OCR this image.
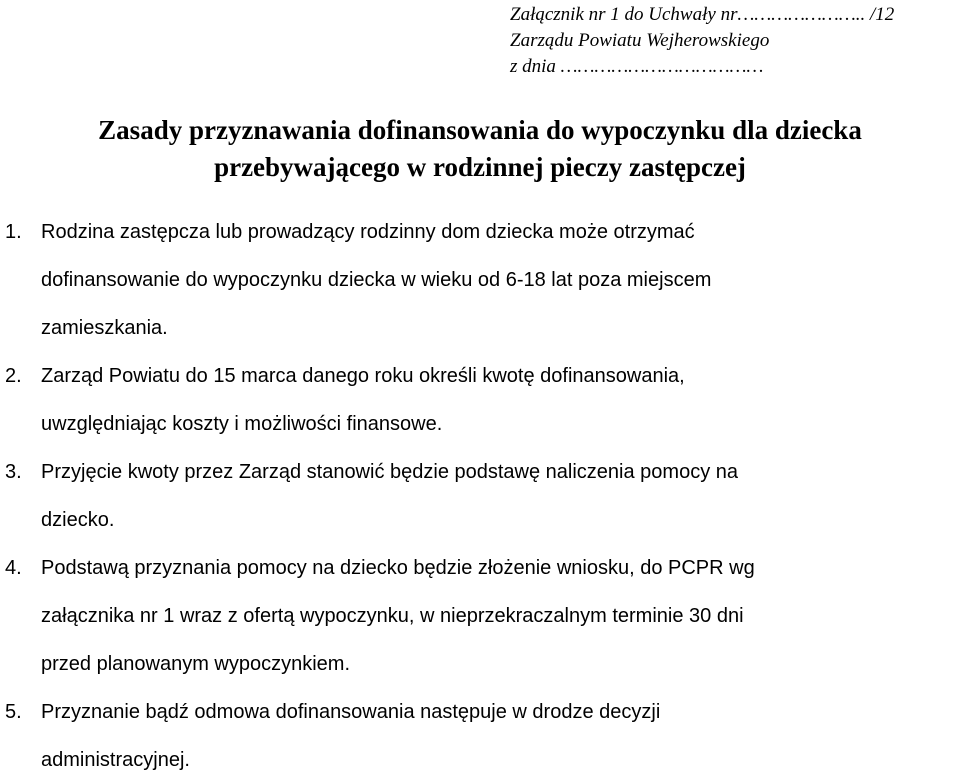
Załącznik nr 1 do Uchwały nr………………….. /12
Zarządu Powiatu Wejherowskiego
z dnia ………………………………
Zasady przyznawania dofinansowania do wypoczynku dla dziecka
przebywającego w rodzinnej pieczy zastępczej
1. Rodzina zastępcza lub prowadzący rodzinny dom dziecka może otrzymać
dofinansowanie do wypoczynku dziecka w wieku od 6-18 lat poza miejscem
zamieszkania.
2. Zarząd Powiatu do 15 marca danego roku określi kwotę dofinansowania,
uwzględniając koszty i możliwości finansowe.
3. Przyjęcie kwoty przez Zarząd stanowić będzie podstawę naliczenia pomocy na
dziecko.
4. Podstawą przyznania pomocy na dziecko będzie złożenie wniosku, do PCPR wg
załącznika nr 1 wraz z ofertą wypoczynku, w nieprzekraczalnym terminie 30 dni
przed planowanym wypoczynkiem.
5. Przyznanie bądź odmowa dofinansowania następuje w drodze decyzji
administracyjnej.
